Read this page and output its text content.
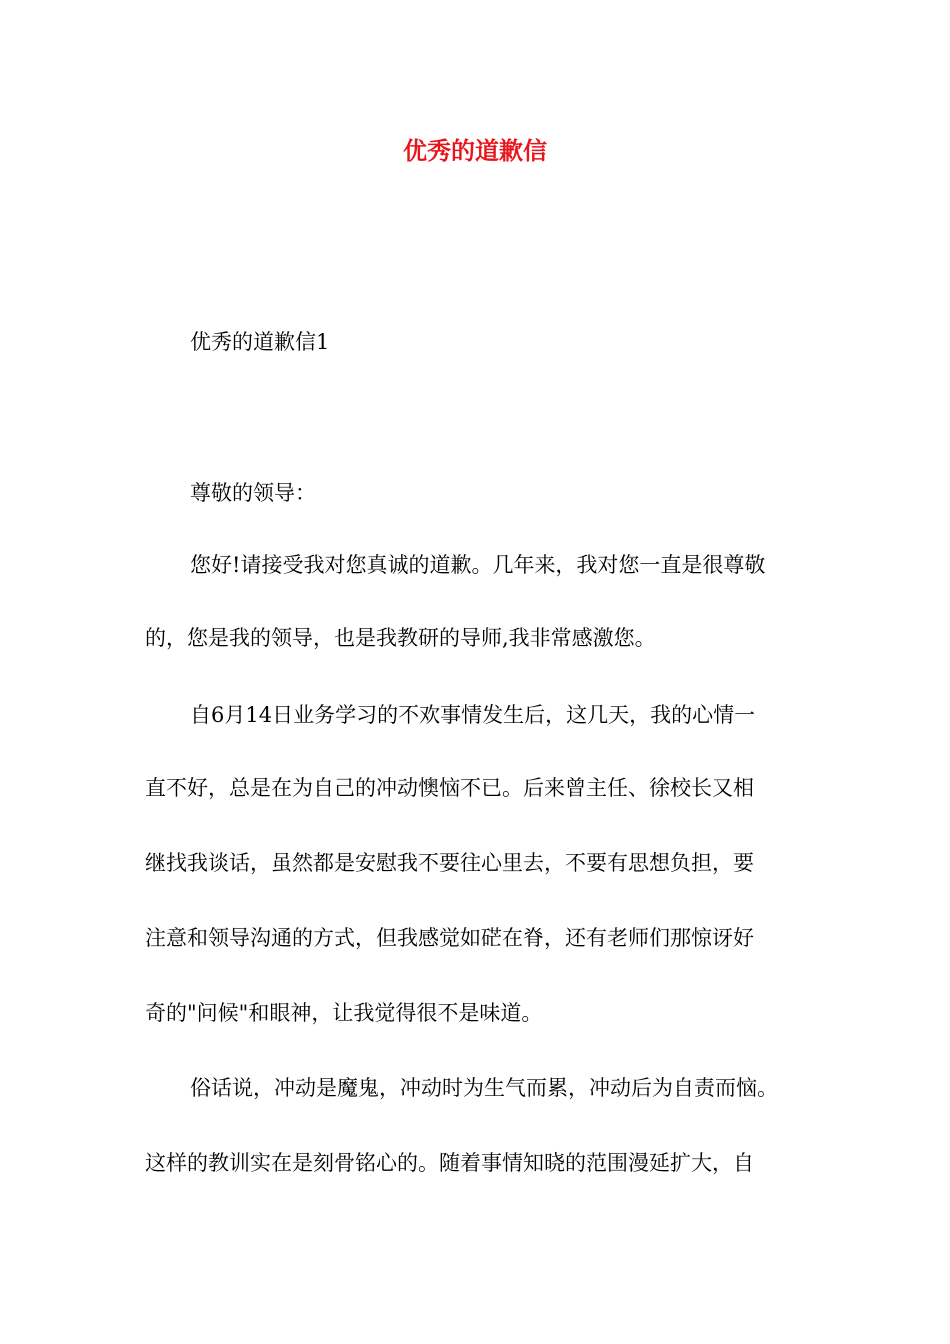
优秀的道歉信

优秀的道歉信1

尊敬的领导：

您好!请接受我对您真诚的道歉。几年来，我对您一直是很尊敬

的，您是我的领导，也是我教研的导师,我非常感激您。

自6月14日业务学习的不欢事情发生后，这几天，我的心情一

直不好，总是在为自己的冲动懊恼不已。后来曾主任、徐校长又相

继找我谈话，虽然都是安慰我不要往心里去，不要有思想负担，要

注意和领导沟通的方式，但我感觉如硭在脊，还有老师们那惊讶好

奇的"问候"和眼神，让我觉得很不是味道。

俗话说，冲动是魔鬼，冲动时为生气而累，冲动后为自责而恼。

这样的教训实在是刻骨铭心的。随着事情知晓的范围漫延扩大，自
